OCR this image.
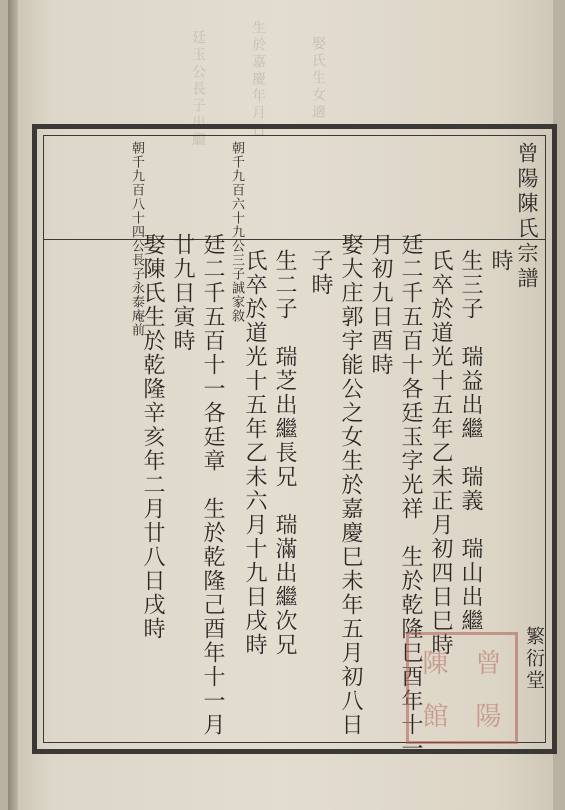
廷玉公長子出繼	生於嘉慶年月日	娶氏生女適
曾陽陳氏宗譜
朝千九百八十四公長子永泰庵前	朝千九百六十九公三子誠家敘	時
生三子　瑞益出繼　瑞義　瑞山出繼
氏卒於道光十五年乙未正月初四日巳時
廷二千五百十各廷玉字光祥　生於乾隆巳酉年十一
月初九日酉時
娶大庄郭宇能公之女生於嘉慶巳未年五月初八日
子時
生二子　瑞芝出繼長兄　瑞滿出繼次兄
氏卒於道光十五年乙未六月十九日戌時
廷二千五百十一各廷章　生於乾隆己酉年十一月
廿九日寅時
娶陳氏生於乾隆辛亥年二月廿八日戌時
陳	曾
館	陽
繁衍堂
